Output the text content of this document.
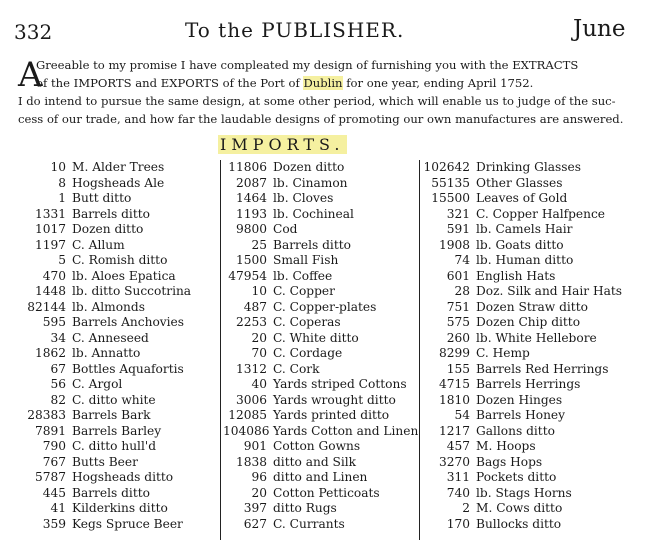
332	To the PUBLISHER.	June
A
Greeable to my promise I have compleated my design of furnishing you with the EXTRACTS
of the IMPORTS and EXPORTS of the Port of Dublin for one year, ending April 1752.
I do intend to pursue the same design, at some other period, which will enable us to judge of the suc-
cess of our trade, and how far the laudable designs of promoting our own manufactures are answered.
IMPORTS.
10 M. Alder Trees
8 Hogsheads Ale
1 Butt ditto
1331 Barrels ditto
1017 Dozen ditto
1197 C. Allum
5 C. Romish ditto
470 lb. Aloes Epatica
1448 lb. ditto Succotrina
82144 lb. Almonds
595 Barrels Anchovies
34 C. Anneseed
1862 lb. Annatto
67 Bottles Aquafortis
56 C. Argol
82 C. ditto white
28383 Barrels Bark
7891 Barrels Barley
790 C. ditto hull'd
767 Butts Beer
5787 Hogsheads ditto
445 Barrels ditto
41 Kilderkins ditto
359 Kegs Spruce Beer
11806 Dozen ditto
2087 lb. Cinamon
1464 lb. Cloves
1193 lb. Cochineal
9800 Cod
25 Barrels ditto
1500 Small Fish
47954 lb. Coffee
10 C. Copper
487 C. Copper-plates
2253 C. Coperas
20 C. White ditto
70 C. Cordage
1312 C. Cork
40 Yards striped Cottons
3006 Yards wrought ditto
12085 Yards printed ditto
104086 Yards Cotton and Linen
901 Cotton Gowns
1838 ditto and Silk
96 ditto and Linen
20 Cotton Petticoats
397 ditto Rugs
627 C. Currants
102642 Drinking Glasses
55135 Other Glasses
15500 Leaves of Gold
321 C. Copper Halfpence
591 lb. Camels Hair
1908 lb. Goats ditto
74 lb. Human ditto
601 English Hats
28 Doz. Silk and Hair Hats
751 Dozen Straw ditto
575 Dozen Chip ditto
260 lb. White Hellebore
8299 C. Hemp
155 Barrels Red Herrings
4715 Barrels Herrings
1810 Dozen Hinges
54 Barrels Honey
1217 Gallons ditto
457 M. Hoops
3270 Bags Hops
311 Pockets ditto
740 lb. Stags Horns
2 M. Cows ditto
170 Bullocks ditto
